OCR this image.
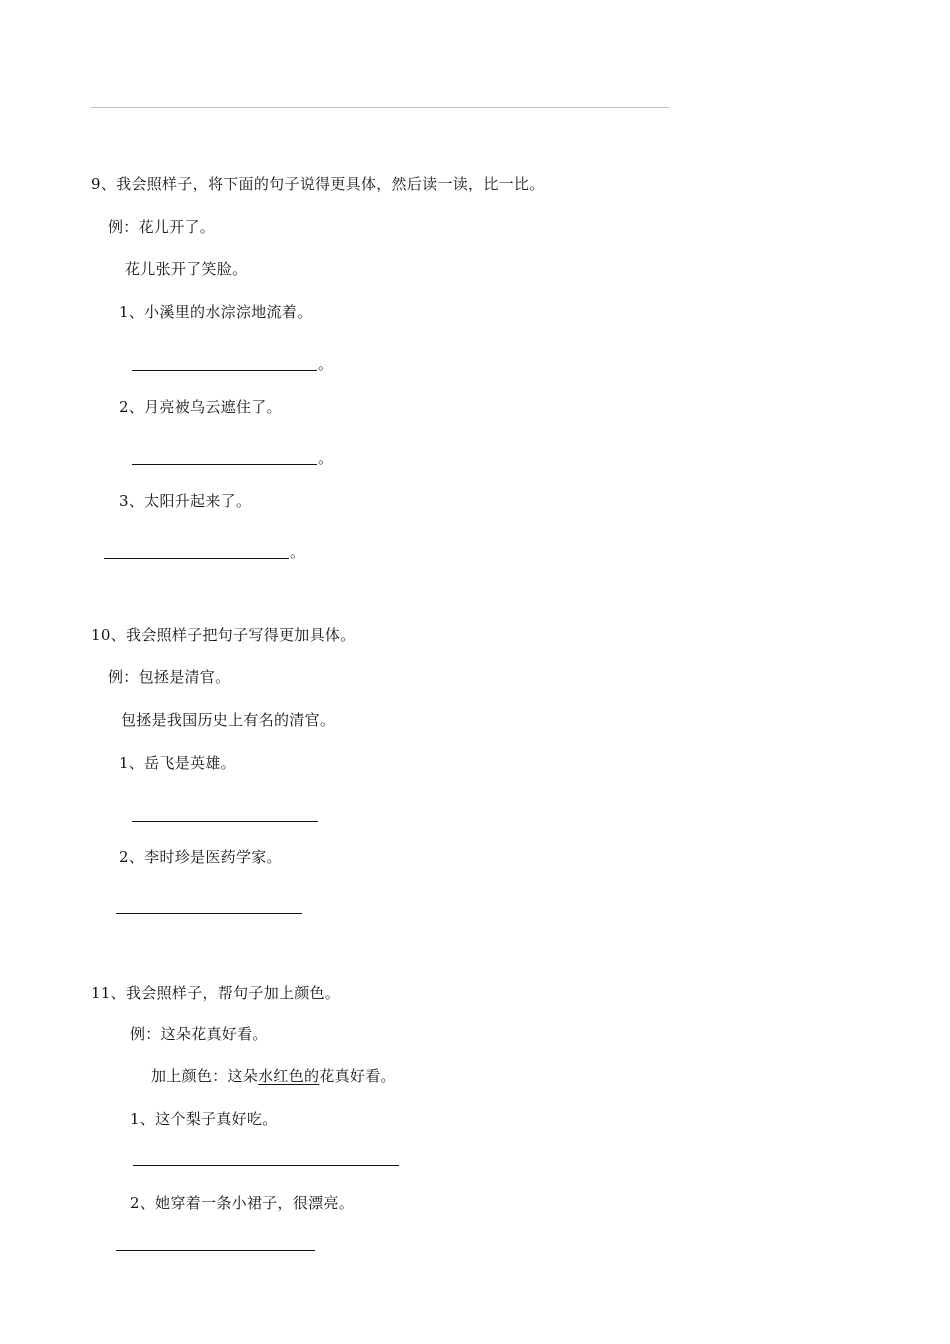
9、我会照样子，将下面的句子说得更具体，然后读一读，比一比。
例：花儿开了。
花儿张开了笑脸。
1、小溪里的水淙淙地流着。
。
2、月亮被乌云遮住了。
。
3、太阳升起来了。
。
10、我会照样子把句子写得更加具体。
例：包拯是清官。
包拯是我国历史上有名的清官。
1、岳飞是英雄。
2、李时珍是医药学家。
11、我会照样子，帮句子加上颜色。
例：这朵花真好看。
加上颜色：这朵水红色的花真好看。
1、这个梨子真好吃。
2、她穿着一条小裙子，很漂亮。
